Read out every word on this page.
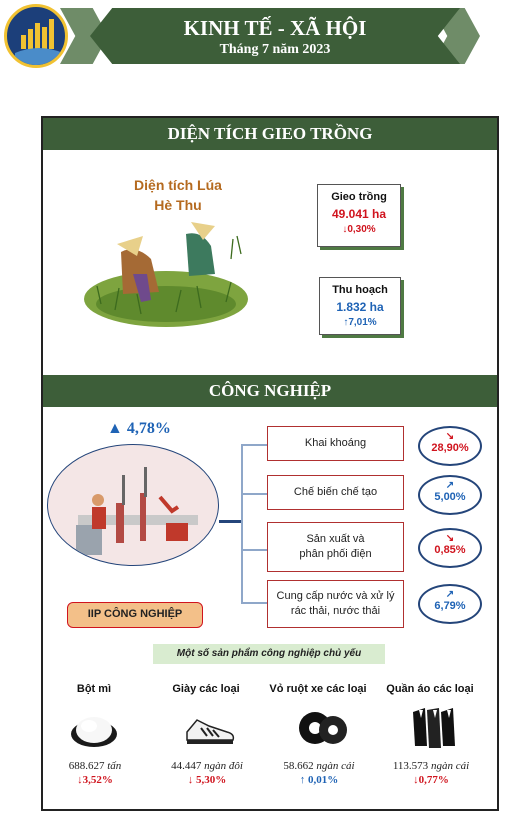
KINH TẾ - XÃ HỘI
Tháng 7 năm 2023
DIỆN TÍCH GIEO TRỒNG
Diện tích Lúa
Hè Thu	Gieo trồng
49.041 ha
↓0,30%
Thu hoạch
1.832 ha
↑7,01%
CÔNG NGHIỆP
▲ 4,78%
Khai khoáng
↘
28,90%
Chế biến chế tạo
↗
5,00%
Sản xuất và phân phối điện
↘
0,85%
Cung cấp nước và xử lý rác thải, nước thải
↗
6,79%
IIP CÔNG NGHIỆP
Một số sản phẩm công nghiệp chủ yếu
Bột mì	Giày các loại	Vỏ ruột xe các loại	Quần áo các loại
688.627 tấn	44.447 ngàn đôi	58.662 ngàn cái	113.573 ngàn cái
↓3,52%	↓ 5,30%	↑ 0,01%	↓0,77%
